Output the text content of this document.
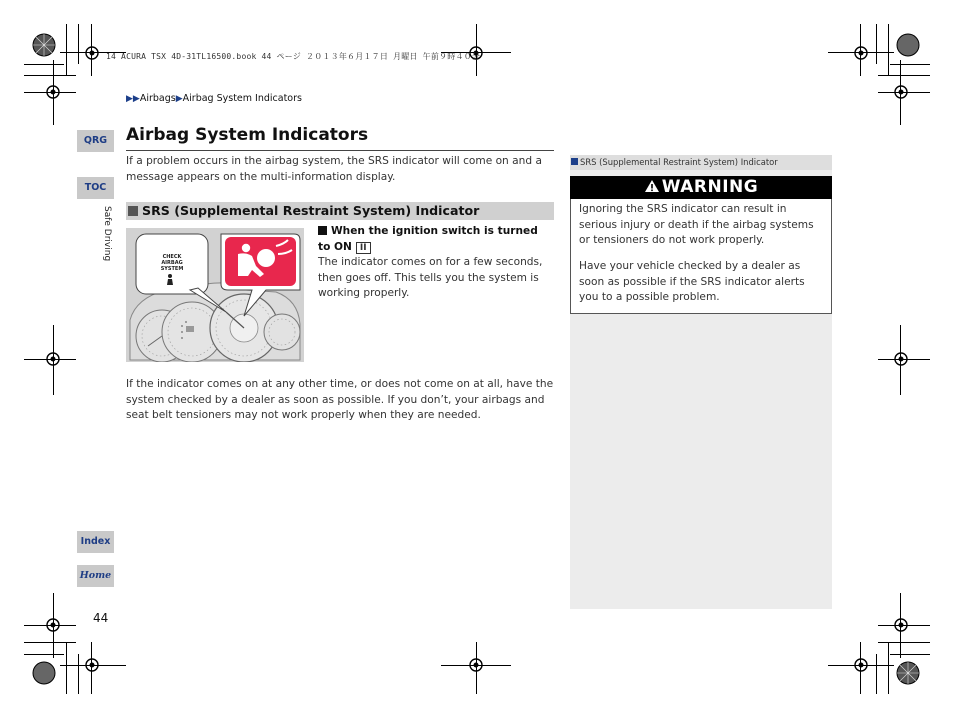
14 ACURA TSX 4D-31TL16500.book 44 ページ ２０１３年６月１７日 月曜日 午前９時４０分
▶▶Airbags▶Airbag System Indicators
QRG
TOC
Safe Driving
Index
Home
Airbag System Indicators
If a problem occurs in the airbag system, the SRS indicator will come on and a message appears on the multi-information display.
SRS (Supplemental Restraint System) Indicator
CHECK
AIRBAG
SYSTEM
When the ignition switch is turned to ON II
The indicator comes on for a few seconds, then goes off. This tells you the system is working properly.
If the indicator comes on at any other time, or does not come on at all, have the system checked by a dealer as soon as possible. If you don’t, your airbags and seat belt tensioners may not work properly when they are needed.
SRS (Supplemental Restraint System) Indicator
WARNING
Ignoring the SRS indicator can result in serious injury or death if the airbag systems or tensioners do not work properly.
Have your vehicle checked by a dealer as soon as possible if the SRS indicator alerts you to a possible problem.
44
